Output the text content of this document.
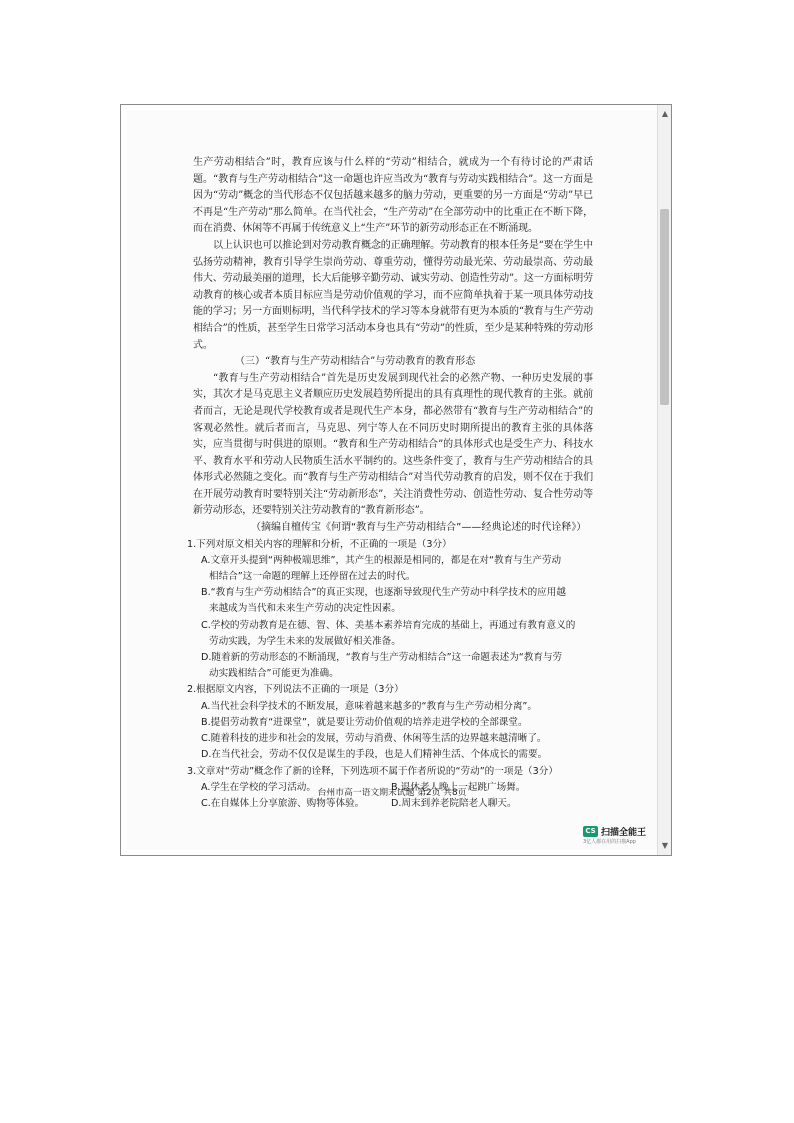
生产劳动相结合”时，教育应该与什么样的“劳动”相结合，就成为一个有待讨论的严肃话题。“教育与生产劳动相结合”这一命题也许应当改为“教育与劳动实践相结合”。这一方面是因为“劳动”概念的当代形态不仅包括越来越多的脑力劳动，更重要的另一方面是“劳动”早已不再是“生产劳动”那么简单。在当代社会，“生产劳动”在全部劳动中的比重正在不断下降，而在消费、休闲等不再属于传统意义上“生产”环节的新劳动形态正在不断涌现。

以上认识也可以推论到对劳动教育概念的正确理解。劳动教育的根本任务是“要在学生中弘扬劳动精神，教育引导学生崇尚劳动、尊重劳动，懂得劳动最光荣、劳动最崇高、劳动最伟大、劳动最美丽的道理，长大后能够辛勤劳动、诚实劳动、创造性劳动”。这一方面标明劳动教育的核心或者本质目标应当是劳动价值观的学习，而不应简单执着于某一项具体劳动技能的学习；另一方面则标明，当代科学技术的学习等本身就带有更为本质的“教育与生产劳动相结合”的性质，甚至学生日常学习活动本身也具有“劳动”的性质，至少是某种特殊的劳动形式。

（三）“教育与生产劳动相结合”与劳动教育的教育形态

“教育与生产劳动相结合”首先是历史发展到现代社会的必然产物、一种历史发展的事实，其次才是马克思主义者顺应历史发展趋势所提出的具有真理性的现代教育的主张。就前者而言，无论是现代学校教育或者是现代生产本身，都必然带有“教育与生产劳动相结合”的客观必然性。就后者而言，马克思、列宁等人在不同历史时期所提出的教育主张的具体落实，应当贯彻与时俱进的原则。“教育和生产劳动相结合”的具体形式也是受生产力、科技水平、教育水平和劳动人民物质生活水平制约的。这些条件变了，教育与生产劳动相结合的具体形式必然随之变化。而“教育与生产劳动相结合”对当代劳动教育的启发，则不仅在于我们在开展劳动教育时要特别关注“劳动新形态”，关注消费性劳动、创造性劳动、复合性劳动等新劳动形态，还要特别关注劳动教育的“教育新形态”。

（摘编自檀传宝《何谓“教育与生产劳动相结合”——经典论述的时代诠释》）

1.下列对原文相关内容的理解和分析，不正确的一项是（3分）

A.文章开头提到“两种极端思维”，其产生的根源是相同的，都是在对“教育与生产劳动

相结合”这一命题的理解上还停留在过去的时代。

B.“教育与生产劳动相结合”的真正实现，也逐渐导致现代生产劳动中科学技术的应用越

来越成为当代和未来生产劳动的决定性因素。

C.学校的劳动教育是在德、智、体、美基本素养培育完成的基础上，再通过有教育意义的

劳动实践，为学生未来的发展做好相关准备。

D.随着新的劳动形态的不断涌现，“教育与生产劳动相结合”这一命题表述为“教育与劳

动实践相结合”可能更为准确。

2.根据原文内容，下列说法不正确的一项是（3分）

A.当代社会科学技术的不断发展，意味着越来越多的“教育与生产劳动相分离”。

B.提倡劳动教育“进课堂”，就是要让劳动价值观的培养走进学校的全部课堂。

C.随着科技的进步和社会的发展，劳动与消费、休闲等生活的边界越来越清晰了。

D.在当代社会，劳动不仅仅是谋生的手段，也是人们精神生活、个体成长的需要。

3.文章对“劳动”概念作了新的诠释，下列选项不属于作者所说的“劳动”的一项是（3分）

A.学生在学校的学习活动。	B.退休老人晚上一起跳广场舞。
C.在自媒体上分享旅游、购物等体验。	D.周末到养老院陪老人聊天。
台州市高一语文期末试题 第2页 共8页
CS 扫描全能王
3亿人都在用的扫描App
▲
▼
